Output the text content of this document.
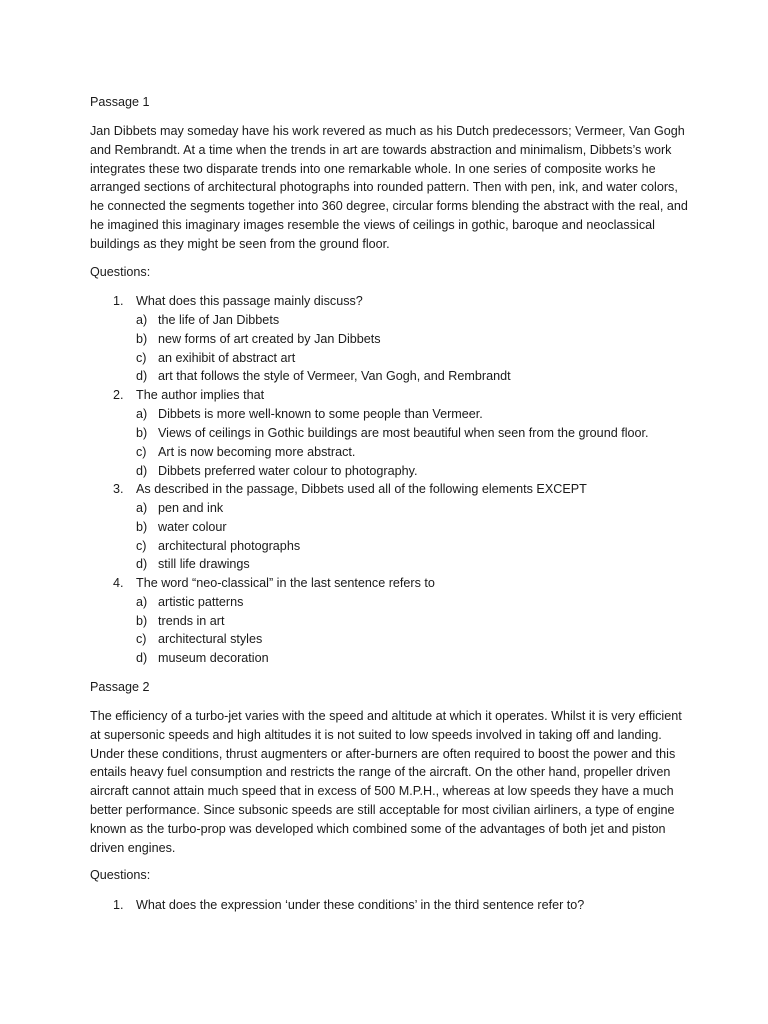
Passage 1

Jan Dibbets may someday have his work revered as much as his Dutch predecessors; Vermeer, Van Gogh and Rembrandt. At a time when the trends in art are towards abstraction and minimalism, Dibbets’s work integrates these two disparate trends into one remarkable whole. In one series of composite works he arranged sections of architectural photographs into rounded pattern. Then with pen, ink, and water colors, he connected the segments together into 360 degree, circular forms blending the abstract with the real, and he imagined this imaginary images resemble the views of ceilings in gothic, baroque and neoclassical buildings as they might be seen from the ground floor.

Questions:
1. What does this passage mainly discuss?
a) the life of Jan Dibbets
b) new forms of art created by Jan Dibbets
c) an exihibit of abstract art
d) art that follows the style of Vermeer, Van Gogh, and Rembrandt
2. The author implies that
a) Dibbets is more well-known to some people than Vermeer.
b) Views of ceilings in Gothic buildings are most beautiful when seen from the ground floor.
c) Art is now becoming more abstract.
d) Dibbets preferred water colour to photography.
3. As described in the passage, Dibbets used all of the following elements EXCEPT
a) pen and ink
b) water colour
c) architectural photographs
d) still life drawings
4. The word “neo-classical” in the last sentence refers to
a) artistic patterns
b) trends in art
c) architectural styles
d) museum decoration
Passage 2

The efficiency of a turbo-jet varies with the speed and altitude at which it operates. Whilst it is very efficient at supersonic speeds and high altitudes it is not suited to low speeds involved in taking off and landing. Under these conditions, thrust augmenters or after-burners are often required to boost the power and this entails heavy fuel consumption and restricts the range of the aircraft. On the other hand, propeller driven aircraft cannot attain much speed that in excess of 500 M.P.H., whereas at low speeds they have a much better performance. Since subsonic speeds are still acceptable for most civilian airliners, a type of engine known as the turbo-prop was developed which combined some of the advantages of both jet and piston driven engines.

Questions:
1. What does the expression ‘under these conditions’ in the third sentence refer to?
